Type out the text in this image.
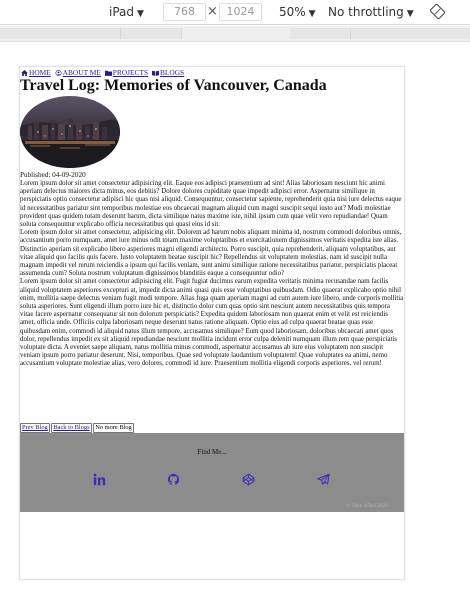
iPad ▼	768 × 1024	50% ▼ No throttling ▼
HOME ABOUT ME PROJECTS BLOGS
Travel Log: Memories of Vancouver, Canada
Published: 04-09-2020

Lorem ipsum dolor sit amet consectetur adipisicing elit. Eaque eos adipisci praesentium ad sint! Alias laboriosam nesciunt hic animi aperiam delectus maiores dicta minus, eos debitis? Dolore dolores cupiditate quae impedit adipisci error. Aspernatur similique in perspiciatis optio consectetur adipisci hic quas nisi aliquid. Consequuntur, consectetur sapiente, reprehenderit quia nisi iure delectus eaque id necessitatibus pariatur sint temporibus molestiae eos obcaecati magnam aliquid cum magni suscipit sequi iusto aut? Modi molestiae provident quas quidem totam deserunt harum, dicta similique natus maxime iste, nihil ipsum cum quae velit vero repudiandae! Quam soluta consequuntur explicabo officia necessitatibus qui quasi eius id sit.

Lorem ipsum dolor sit amet consectetur, adipisicing elit. Dolorem ad harum nobis aliquam minima id, nostrum commodi doloribus omnis, accusantium porro numquam, amet iure minus odit totam maxime voluptatibus et exercitationem dignissimos veritatis expedita iste alias. Distinctio aperiam sit explicabo libero asperiores magni eligendi architecto. Porro suscipit, quia reprehenderit, aliquam voluptatibus, aut vitae aliquid quo facilis quis facere. Iusto voluptatem beatae suscipit hic? Repellendus sit voluptatem molestias, nam id suscipit nulla magnam impedit vel rerum reiciendis a ipsum qui facilis veniam, sunt animi similique ratione necessitatibus pariatur, perspiciatis placeat assumenda cum? Soluta nostrum voluptatum dignissimos blanditiis eaque a consequuntur odio?

Lorem ipsum dolor sit amet consectetur adipisicing elit. Fugit fugiat ducimus earum expedita veritatis minima recusandae nam facilis aliquid voluptatem asperiores excepturi at, impedit dicta animi quasi quis esse voluptatibus quibusdam. Odio quaerat explicabo optio nihil enim, mollitia saepe delectus veniam fugit modi tempore. Alias fuga quam aperiam magni ad cum autem iure libero, unde corporis mollitia soluta asperiores. Sunt eligendi illum porro iure hic et, distinctio dolor cum quas optio sint nesciunt autem necessitatibus quis tempora vitae facere aspernatur consequatur sit non dolorum perspiciatis? Expedita quidem laboriosam non quaerat enim et velit est reiciendis amet, officia unde. Officiis culpa laboriosam neque deserunt natus ratione aliquam. Optio eius ad culpa quaerat beatae quas esse quibusdam enim, commodi id aliquid natus illum tempore, accusamus similique? Eum quod laboriosam, doloribus obcaecati amet quos dolor, repellendus impedit ex sit aliquid repudiandae nesciunt mollitia incidunt error culpa deleniti numquam illum rem quae perspiciatis voluptate dicta. A eveniet saepe aliquam, natus mollitia minus commodi, aspernatur accusamus ab iure eius voluptatem non suscipit veniam ipsum porro pariatur deserunt. Nisi, temporibus. Quae sed voluptate laudantium voluptatem! Quae voluptates ea animi, nemo accusantium voluptate molestiae alias, vero dolores, commodi id iure. Praesentium mollitia eligendi corporis asperiores, vel rerum!

Prev Blog Back to Blogs No more Blog
Find Me...
© Chee ©Toni 2020
